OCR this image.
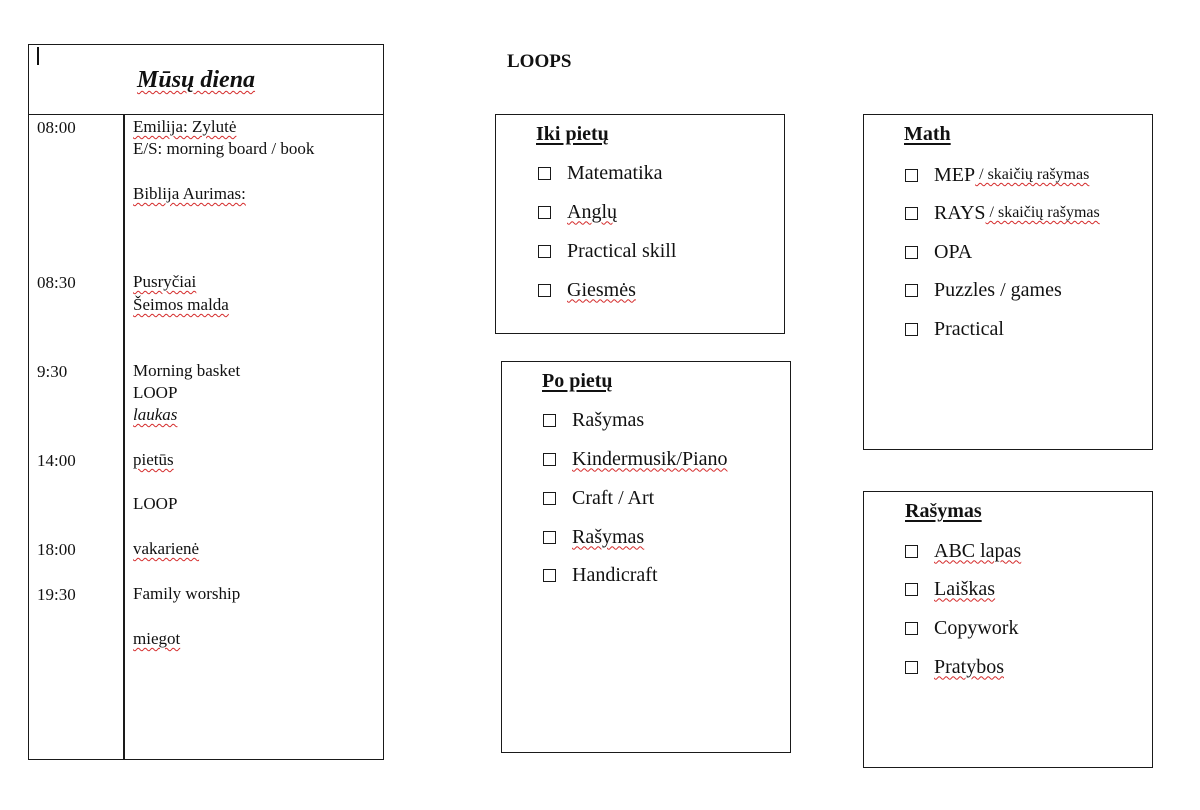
Mūsų diena
08:00	Emilija: Zylutė
E/S: morning board / book
Biblija Aurimas:
08:30	Pusryčiai
Šeimos malda
9:30	Morning basket
LOOP
laukas
14:00	pietūs
LOOP
18:00	vakarienė
19:30	Family worship
miegot
LOOPS
Iki pietų
Matematika
Anglų
Practical skill
Giesmės
Po pietų
Rašymas
Kindermusik/Piano
Craft / Art
Rašymas
Handicraft
Math
MEP / skaičių rašymas
RAYS / skaičių rašymas
OPA
Puzzles / games
Practical
Rašymas
ABC lapas
Laiškas
Copywork
Pratybos
